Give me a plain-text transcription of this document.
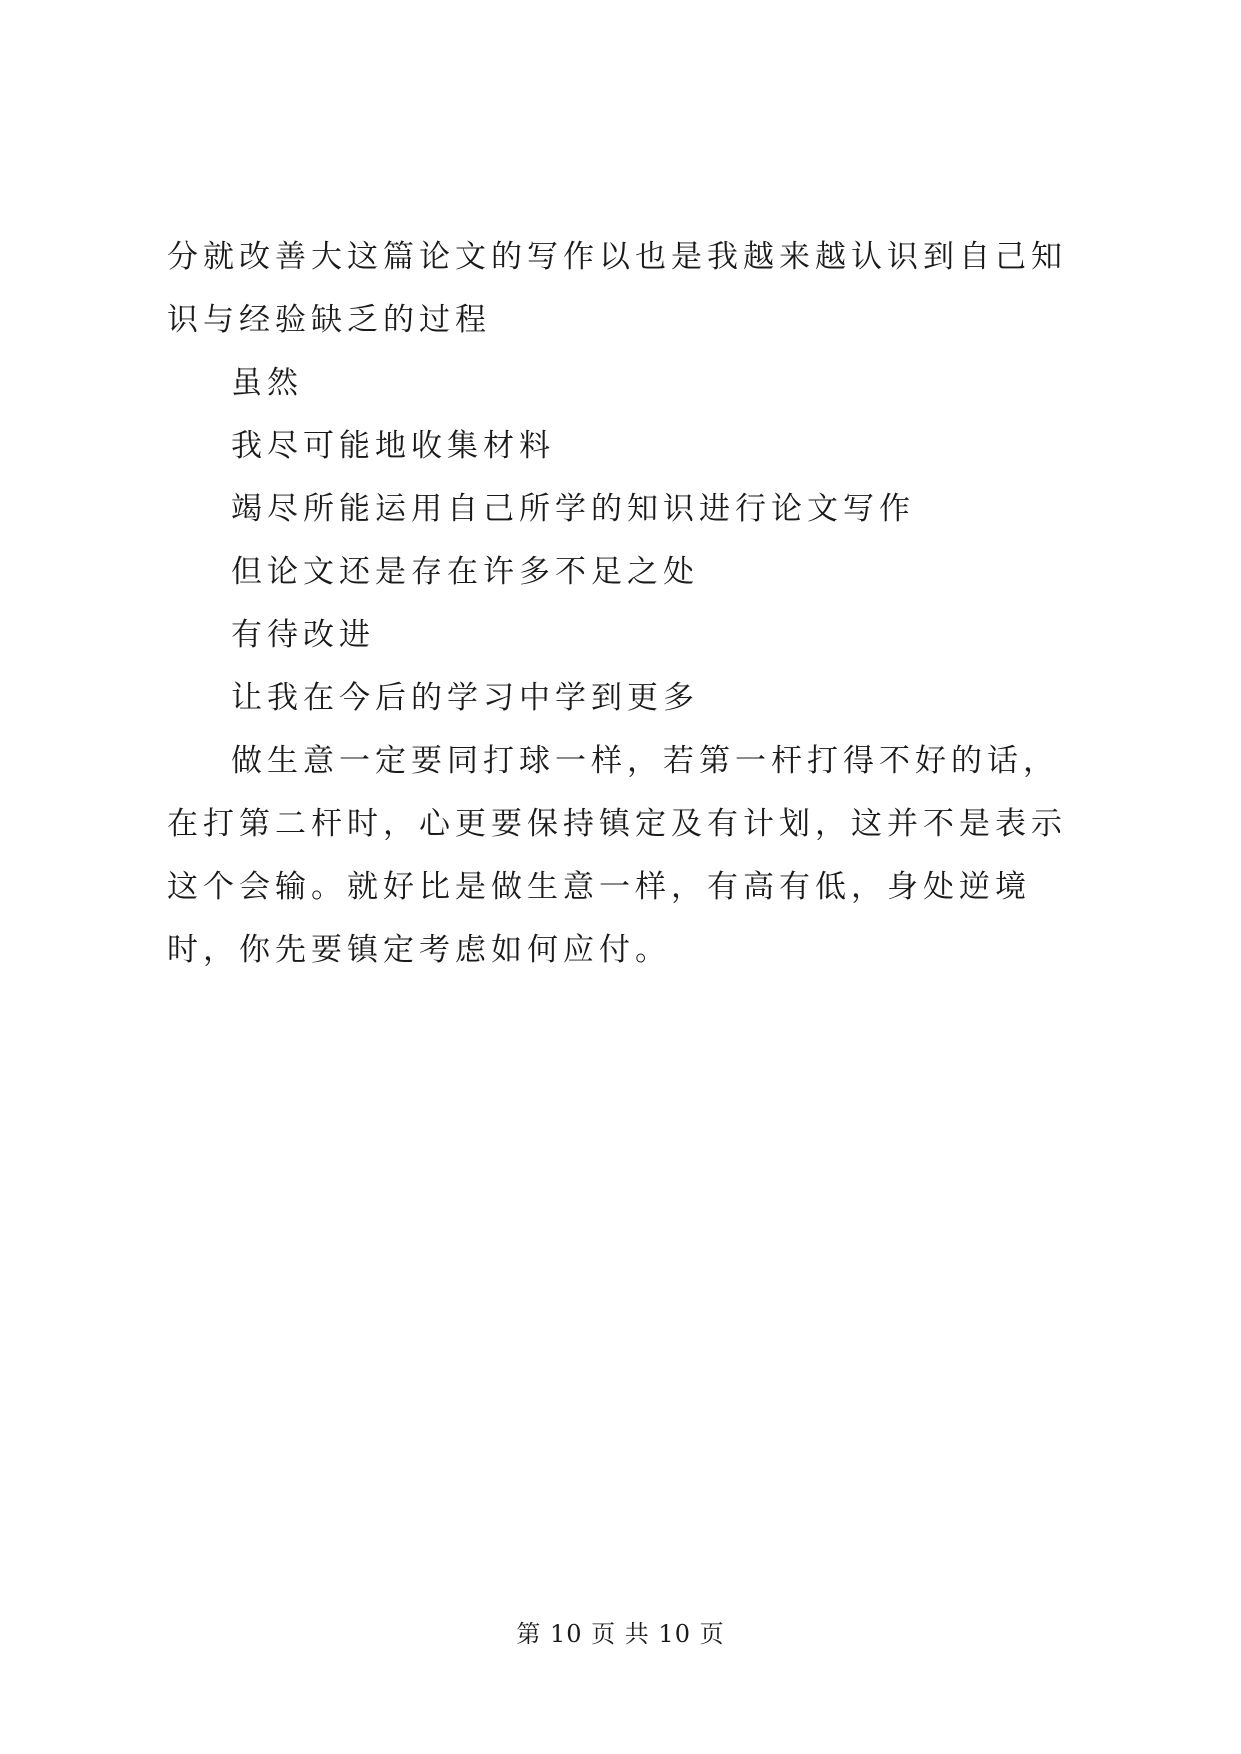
分就改善大这篇论文的写作以也是我越来越认识到自己知识与经验缺乏的过程

虽然

我尽可能地收集材料

竭尽所能运用自己所学的知识进行论文写作

但论文还是存在许多不足之处

有待改进

让我在今后的学习中学到更多

做生意一定要同打球一样，若第一杆打得不好的话，在打第二杆时，心更要保持镇定及有计划，这并不是表示这个会输。就好比是做生意一样，有高有低，身处逆境时，你先要镇定考虑如何应付。

第 10 页 共 10 页
